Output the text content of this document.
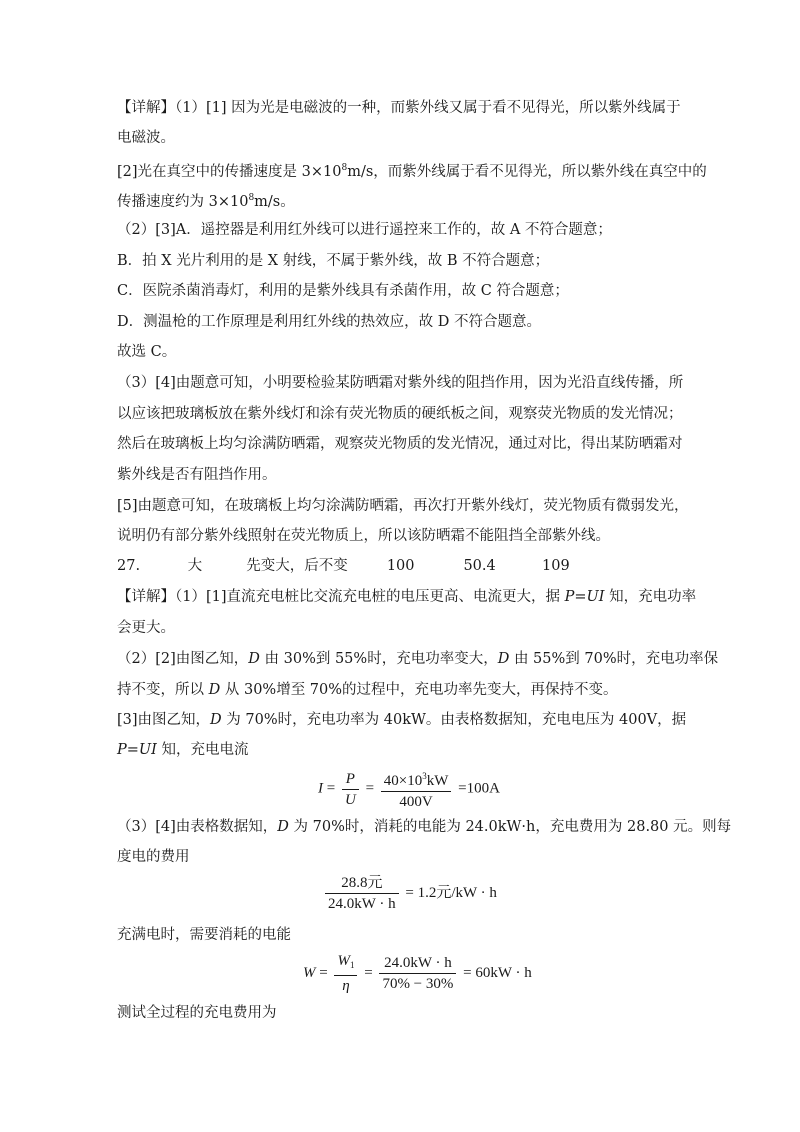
【详解】（1）[1] 因为光是电磁波的一种，而紫外线又属于看不见得光，所以紫外线属于
电磁波。
[2]光在真空中的传播速度是 $3\times 10^8m/s$，而紫外线属于看不见得光，所以紫外线在真空中的
传播速度约为 $3\times 10^8m/s$。
（2）[3]A．遥控器是利用红外线可以进行遥控来工作的，故 A 不符合题意；
B．拍 X 光片利用的是 X 射线，不属于紫外线，故 B 不符合题意；
C．医院杀菌消毒灯，利用的是紫外线具有杀菌作用，故 C 符合题意；
D．测温枪的工作原理是利用红外线的热效应，故 D 不符合题意。
故选 C。
（3）[4]由题意可知，小明要检验某防晒霜对紫外线的阻挡作用，因为光沿直线传播，所
以应该把玻璃板放在紫外线灯和涂有荧光物质的硬纸板之间，观察荧光物质的发光情况；
然后在玻璃板上均匀涂满防晒霜，观察荧光物质的发光情况，通过对比，得出某防晒霜对
紫外线是否有阻挡作用。
[5]由题意可知，在玻璃板上均匀涂满防晒霜，再次打开紫外线灯，荧光物质有微弱发光，
说明仍有部分紫外线照射在荧光物质上，所以该防晒霜不能阻挡全部紫外线。
27.	大	先变大，后不变	100	50.4	109
【详解】（1）[1]直流充电桩比交流充电桩的电压更高、电流更大，据 P=UI 知，充电功率
会更大。
（2）[2]由图乙知，D 由 30%到 55%时，充电功率变大，D 由 55%到 70%时，充电功率保
持不变，所以 D 从 30%增至 70%的过程中，充电功率先变大，再保持不变。
[3]由图乙知，D 为 70%时，充电功率为 40kW。由表格数据知，充电电压为 400V，据
P=UI 知，充电电流
$I = \frac{P}{U} = \frac{40\times 10^3kW}{400V} =100A$
（3）[4]由表格数据知，D 为 70%时，消耗的电能为 24.0kW·h，充电费用为 28.80 元。则每
度电的费用
$\frac{\text{28.8元}}{24.0kW \cdot h} = 1.2$元/kW · h
充满电时，需要消耗的电能
$W = \frac{W_1}{\eta} = \frac{24.0kW \cdot h}{70\% - 30\%} = 60kW \cdot h$
测试全过程的充电费用为
